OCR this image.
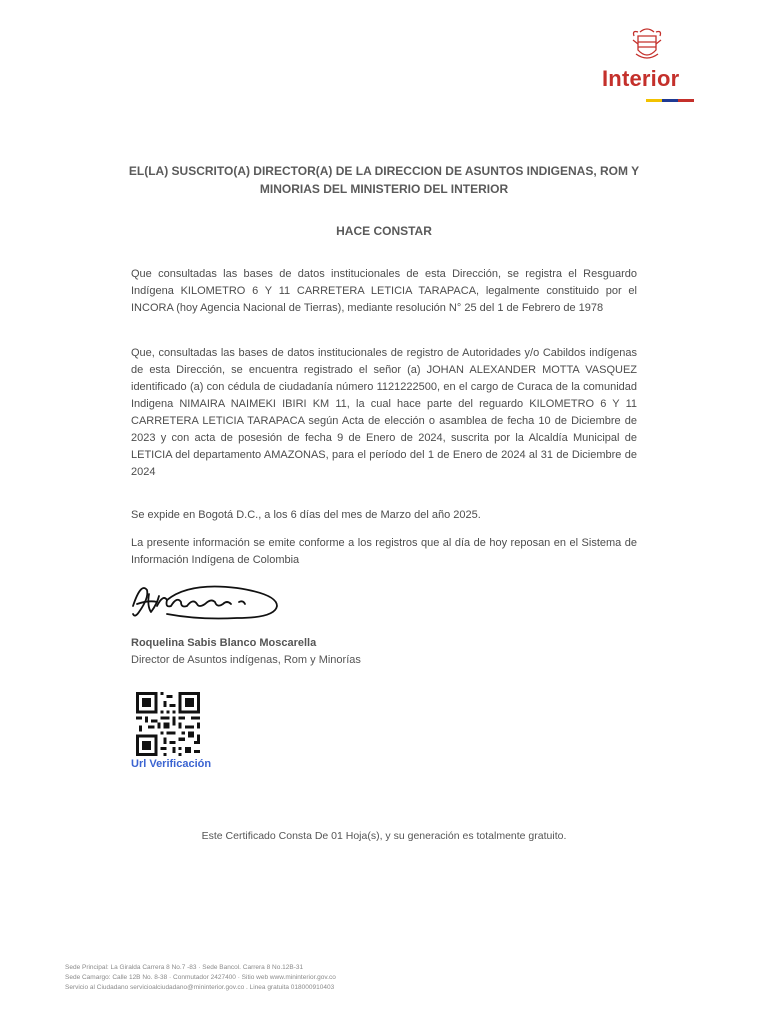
Interior
EL(LA) SUSCRITO(A) DIRECTOR(A) DE LA DIRECCION DE ASUNTOS INDIGENAS, ROM Y MINORIAS DEL MINISTERIO DEL INTERIOR
HACE CONSTAR
Que consultadas las bases de datos institucionales de esta Dirección, se registra el Resguardo Indígena KILOMETRO 6 Y 11 CARRETERA LETICIA TARAPACA, legalmente constituido por el INCORA (hoy Agencia Nacional de Tierras), mediante resolución N° 25 del 1 de Febrero de 1978
Que, consultadas las bases de datos institucionales de registro de Autoridades y/o Cabildos indígenas de esta Dirección, se encuentra registrado el señor (a) JOHAN ALEXANDER MOTTA VASQUEZ identificado (a) con cédula de ciudadanía número 1121222500, en el cargo de Curaca de la comunidad Indigena NIMAIRA NAIMEKI IBIRI KM 11, la cual hace parte del reguardo KILOMETRO 6 Y 11 CARRETERA LETICIA TARAPACA según Acta de elección o asamblea de fecha 10 de Diciembre de 2023 y con acta de posesión de fecha 9 de Enero de 2024, suscrita por la Alcaldía Municipal de LETICIA del departamento AMAZONAS, para el período del 1 de Enero de 2024 al 31 de Diciembre de 2024
Se expide en Bogotá D.C., a los 6 días del mes de Marzo del año 2025.
La presente información se emite conforme a los registros que al día de hoy reposan en el Sistema de Información Indígena de Colombia
Roquelina Sabis Blanco Moscarella
Director de Asuntos indígenas, Rom y Minorías
Url Verificación
Este Certificado Consta De 01 Hoja(s), y su generación es totalmente gratuito.
Sede Principal: La Giralda Carrera 8 No.7 -83 · Sede Bancol. Carrera 8 No.12B-31
Sede Camargo: Calle 12B No. 8-38 · Conmutador 2427400 · Sitio web www.mininterior.gov.co
Servicio al Ciudadano servicioalciudadano@mininterior.gov.co . Linea gratuita 018000910403
